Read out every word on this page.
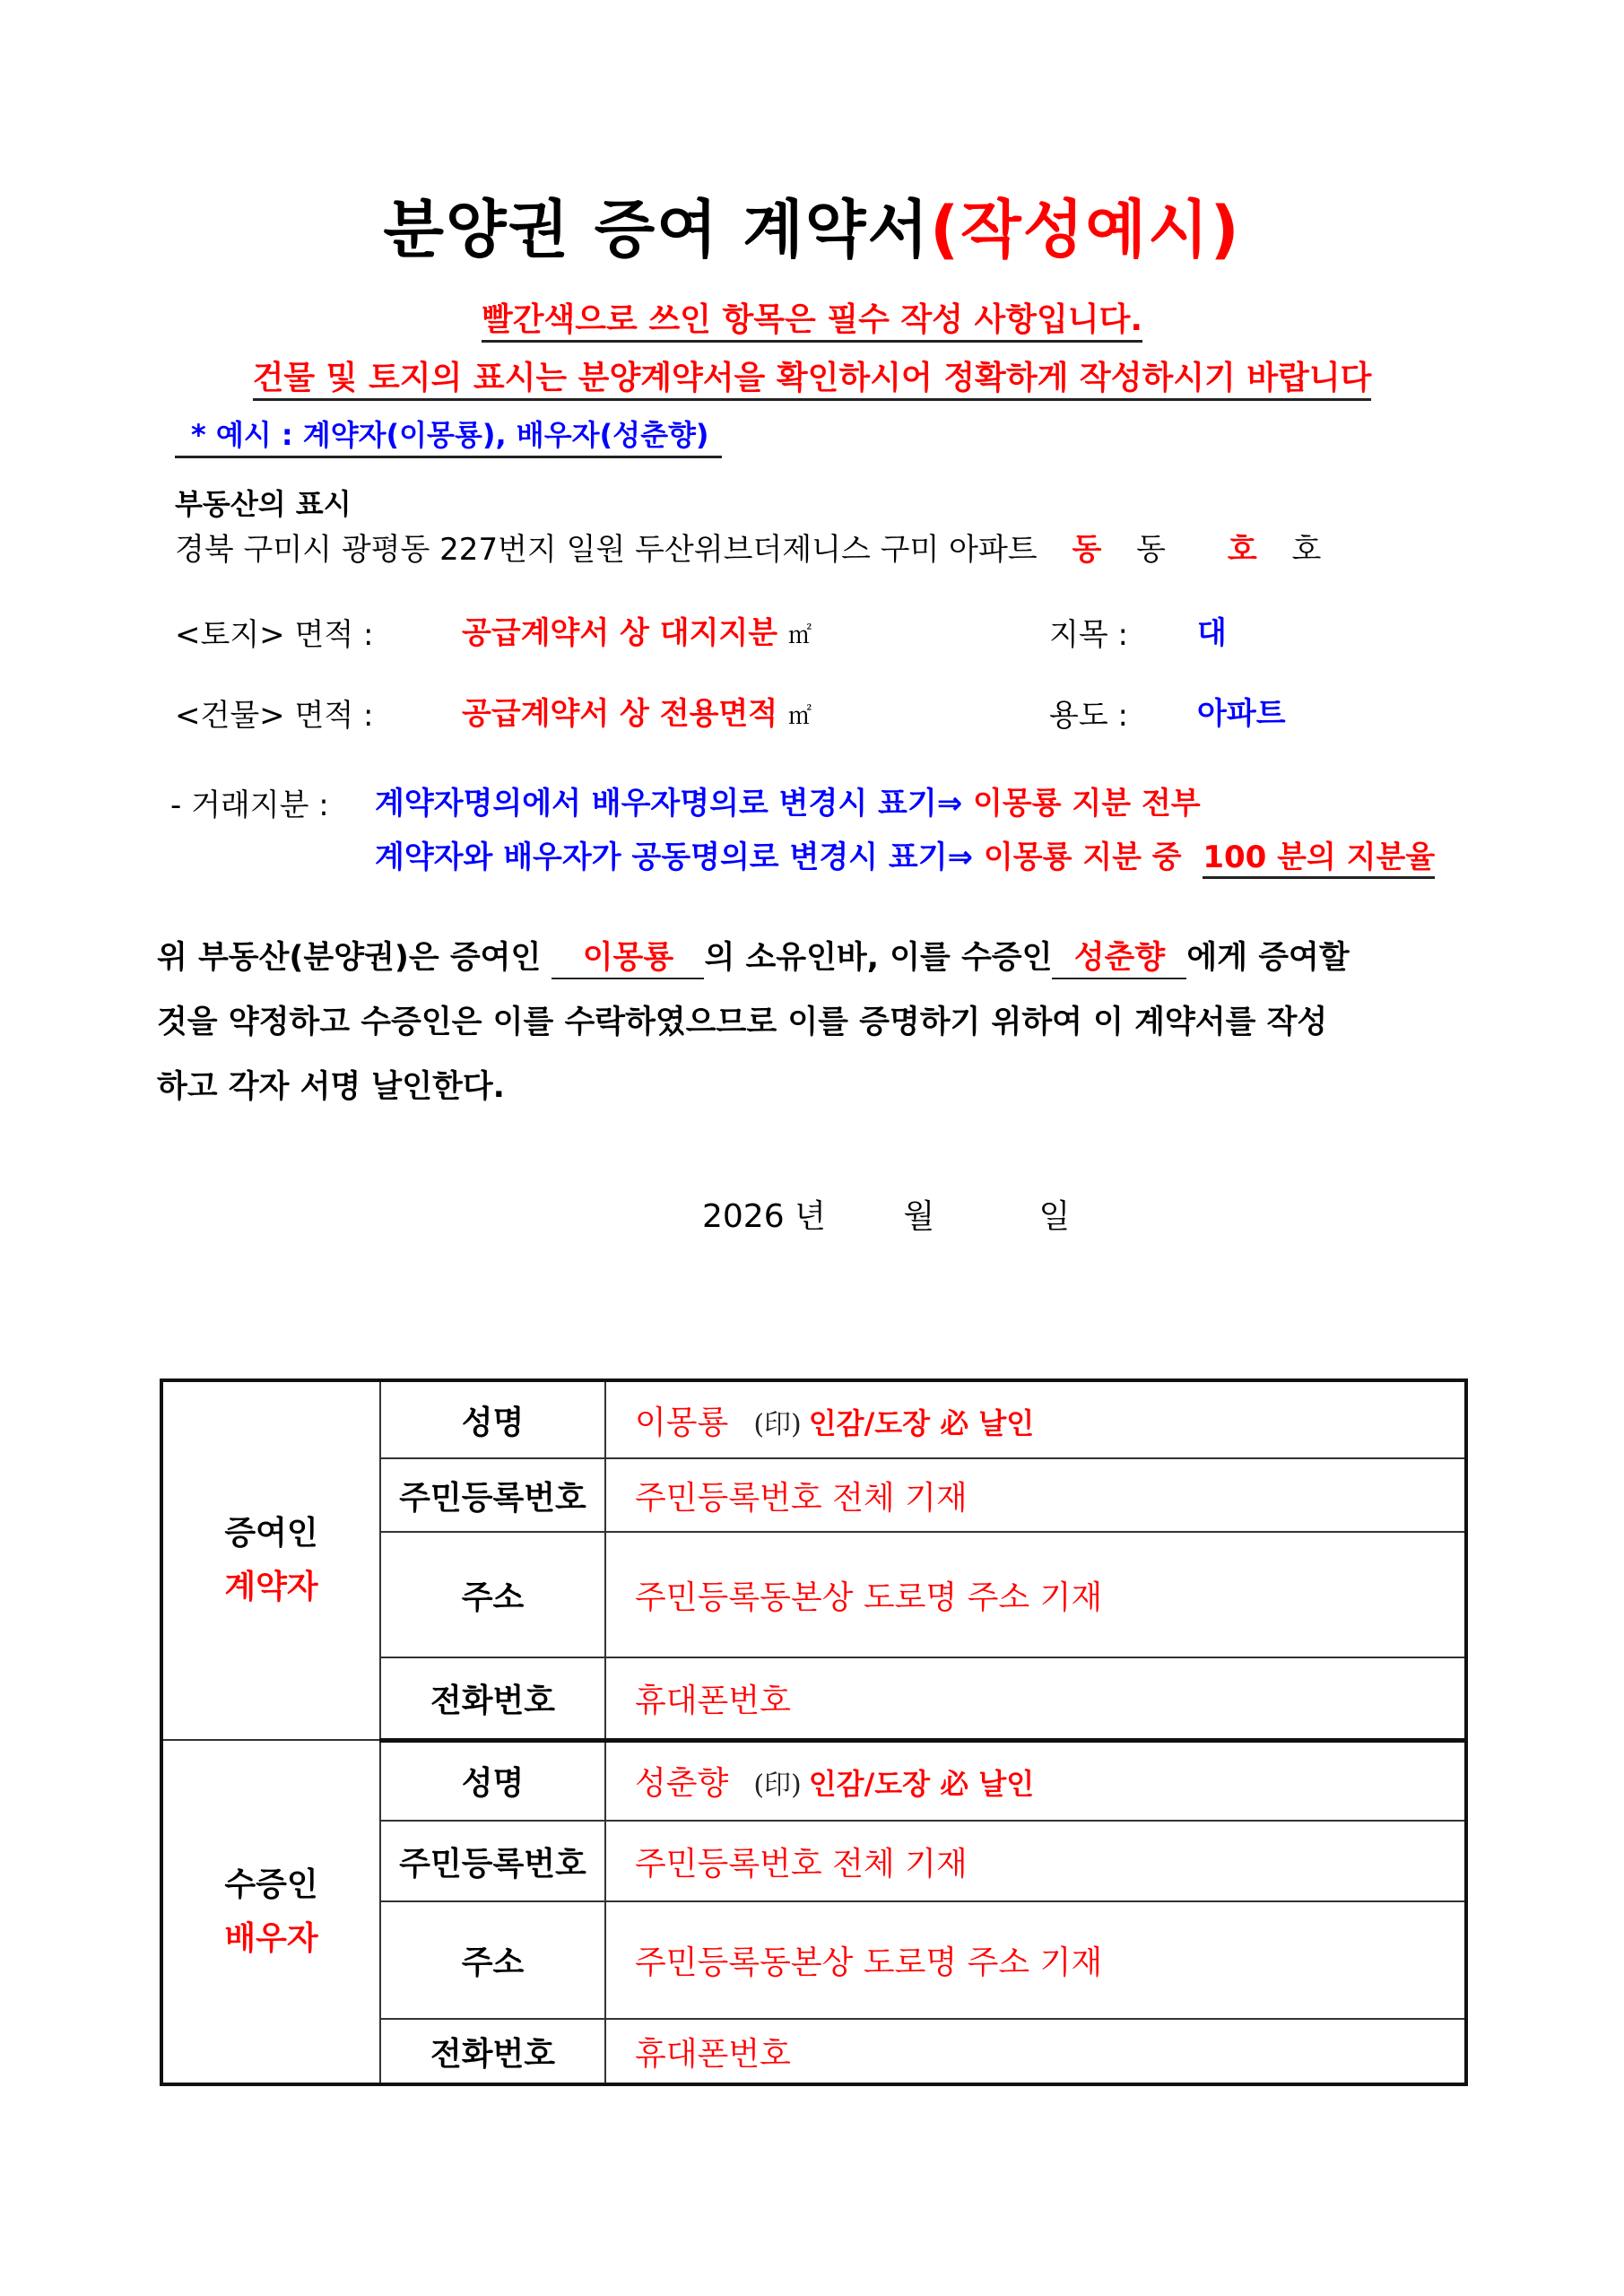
분양권 증여 계약서(작성예시)
빨간색으로 쓰인 항목은 필수 작성 사항입니다.
건물 및 토지의 표시는 분양계약서을 확인하시어 정확하게 작성하시기 바랍니다
* 예시 : 계약자(이몽룡), 배우자(성춘향)
부동산의 표시
경북 구미시 광평동 227번지 일원 두산위브더제니스 구미 아파트 동 동 호 호
<토지> 면적 :	공급계약서 상 대지지분 ㎡	지목 : 대
<건물> 면적 :	공급계약서 상 전용면적 ㎡	용도 : 아파트
- 거래지분 : 계약자명의에서 배우자명의로 변경시 표기⇒ 이몽룡 지분 전부
계약자와 배우자가 공동명의로 변경시 표기⇒ 이몽룡 지분 중 100 분의 지분율
위 부동산(분양권)은 증여인 이몽룡 의 소유인바, 이를 수증인 성춘향 에게 증여할
것을 약정하고 수증인은 이를 수락하였으므로 이를 증명하기 위하여 이 계약서를 작성
하고 각자 서명 날인한다.
2026 년 월	일
증여인
계약자	성명	이몽룡 (印) 인감/도장 必 날인
	주민등록번호	주민등록번호 전체 기재
	주소	주민등록동본상 도로명 주소 기재
	전화번호	휴대폰번호

수증인
배우자	성명	성춘향 (印) 인감/도장 必 날인
	주민등록번호	주민등록번호 전체 기재
	주소	주민등록동본상 도로명 주소 기재
	전화번호	휴대폰번호
